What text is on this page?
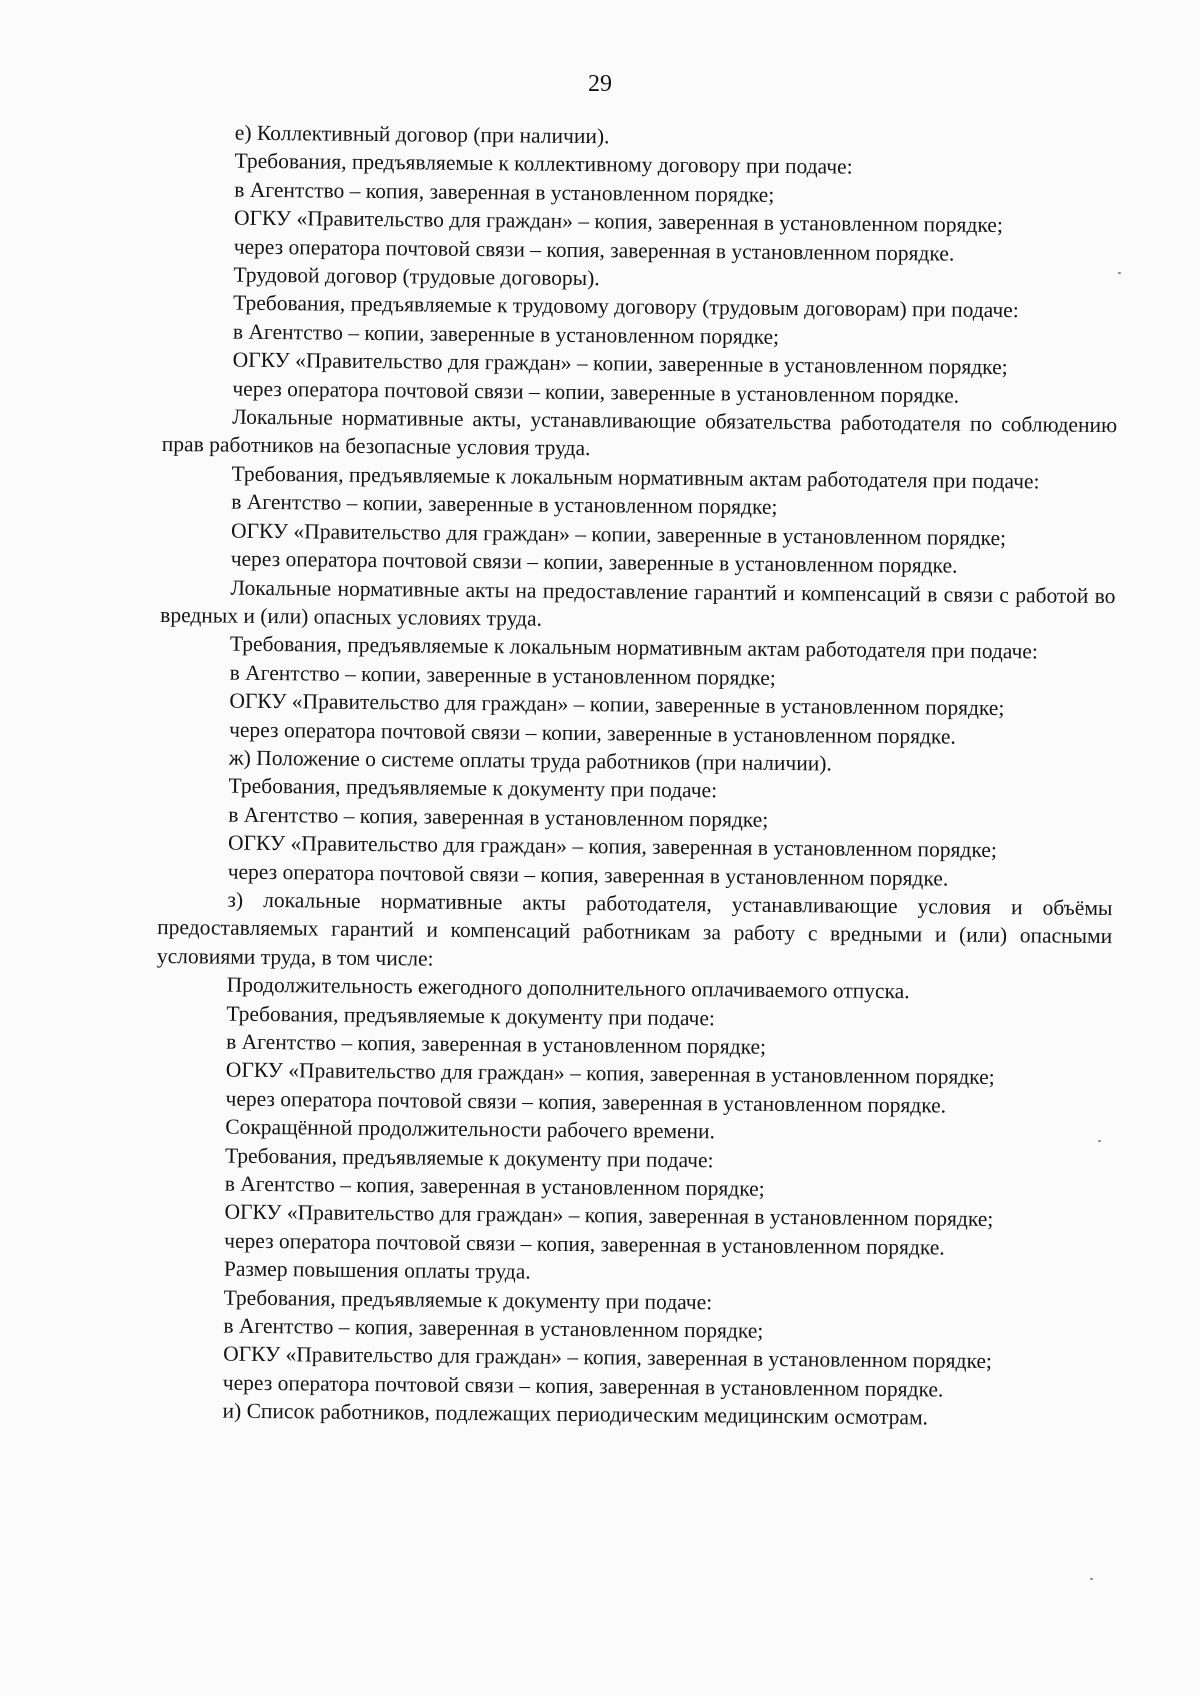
29

е) Коллективный договор (при наличии).

Требования, предъявляемые к коллективному договору при подаче:

в Агентство – копия, заверенная в установленном порядке;

ОГКУ «Правительство для граждан» – копия, заверенная в установленном порядке;

через оператора почтовой связи – копия, заверенная в установленном порядке.

Трудовой договор (трудовые договоры).

Требования, предъявляемые к трудовому договору (трудовым договорам) при подаче:

в Агентство – копии, заверенные в установленном порядке;

ОГКУ «Правительство для граждан» – копии, заверенные в установленном порядке;

через оператора почтовой связи – копии, заверенные в установленном порядке.

Локальные нормативные акты, устанавливающие обязательства работодателя по соблюдению прав работников на безопасные условия труда.

Требования, предъявляемые к локальным нормативным актам работодателя при подаче:

в Агентство – копии, заверенные в установленном порядке;

ОГКУ «Правительство для граждан» – копии, заверенные в установленном порядке;

через оператора почтовой связи – копии, заверенные в установленном порядке.

Локальные нормативные акты на предоставление гарантий и компенсаций в связи с работой во вредных и (или) опасных условиях труда.

Требования, предъявляемые к локальным нормативным актам работодателя при подаче:

в Агентство – копии, заверенные в установленном порядке;

ОГКУ «Правительство для граждан» – копии, заверенные в установленном порядке;

через оператора почтовой связи – копии, заверенные в установленном порядке.

ж) Положение о системе оплаты труда работников (при наличии).

Требования, предъявляемые к документу при подаче:

в Агентство – копия, заверенная в установленном порядке;

ОГКУ «Правительство для граждан» – копия, заверенная в установленном порядке;

через оператора почтовой связи – копия, заверенная в установленном порядке.

з) локальные нормативные акты работодателя, устанавливающие условия и объёмы предоставляемых гарантий и компенсаций работникам за работу с вредными и (или) опасными условиями труда, в том числе:

Продолжительность ежегодного дополнительного оплачиваемого отпуска.

Требования, предъявляемые к документу при подаче:

в Агентство – копия, заверенная в установленном порядке;

ОГКУ «Правительство для граждан» – копия, заверенная в установленном порядке;

через оператора почтовой связи – копия, заверенная в установленном порядке.

Сокращённой продолжительности рабочего времени.

Требования, предъявляемые к документу при подаче:

в Агентство – копия, заверенная в установленном порядке;

ОГКУ «Правительство для граждан» – копия, заверенная в установленном порядке;

через оператора почтовой связи – копия, заверенная в установленном порядке.

Размер повышения оплаты труда.

Требования, предъявляемые к документу при подаче:

в Агентство – копия, заверенная в установленном порядке;

ОГКУ «Правительство для граждан» – копия, заверенная в установленном порядке;

через оператора почтовой связи – копия, заверенная в установленном порядке.

и) Список работников, подлежащих периодическим медицинским осмотрам.
